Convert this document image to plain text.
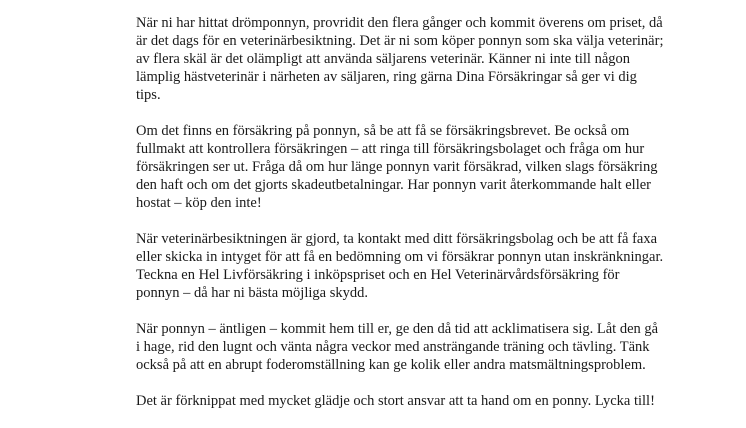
När ni har hittat drömponnyn, provridit den flera gånger och kommit överens om priset, då är det dags för en veterinärbesiktning. Det är ni som köper ponnyn som ska välja veterinär; av flera skäl är det olämpligt att använda säljarens veterinär. Känner ni inte till någon lämplig hästveterinär i närheten av säljaren, ring gärna Dina Försäkringar så ger vi dig tips.

Om det finns en försäkring på ponnyn, så be att få se försäkringsbrevet. Be också om fullmakt att kontrollera försäkringen – att ringa till försäkringsbolaget och fråga om hur försäkringen ser ut. Fråga då om hur länge ponnyn varit försäkrad, vilken slags försäkring den haft och om det gjorts skadeutbetalningar. Har ponnyn varit återkommande halt eller hostat – köp den inte!

När veterinärbesiktningen är gjord, ta kontakt med ditt försäkringsbolag och be att få faxa eller skicka in intyget för att få en bedömning om vi försäkrar ponnyn utan inskränkningar. Teckna en Hel Livförsäkring i inköpspriset och en Hel Veterinärvårdsförsäkring för ponnyn – då har ni bästa möjliga skydd.

När ponnyn – äntligen – kommit hem till er, ge den då tid att acklimatisera sig. Låt den gå i hage, rid den lugnt och vänta några veckor med ansträngande träning och tävling. Tänk också på att en abrupt foderomställning kan ge kolik eller andra matsmältningsproblem.

Det är förknippat med mycket glädje och stort ansvar att ta hand om en ponny. Lycka till!
